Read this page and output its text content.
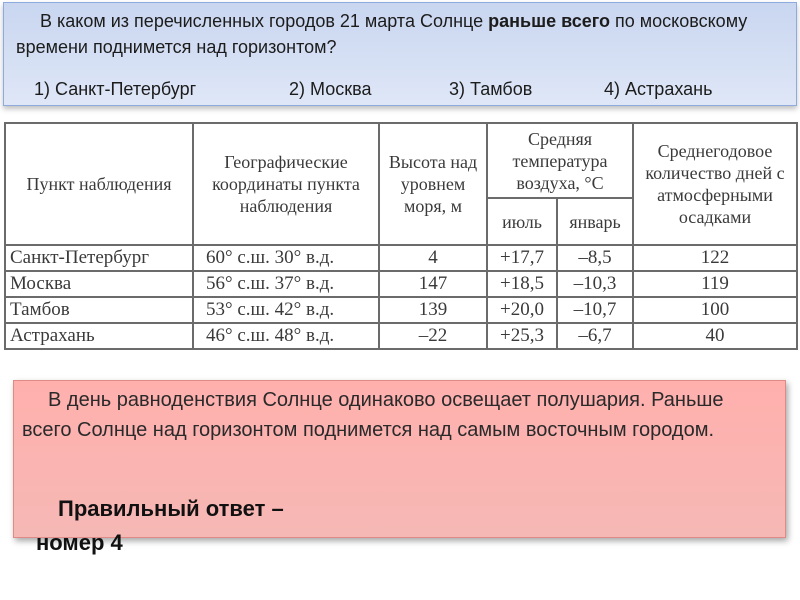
В каком из перечисленных городов 21 марта Солнце раньше всего по московскому времени поднимется над горизонтом?
1) Санкт-Петербург	2) Москва	3) Тамбов	4) Астрахань
Пункт наблюдения	Географические координаты пункта наблюдения	Высота над уровнем моря, м	Средняя температура воздуха, °С		Среднегодовое количество дней с атмосферными осадками
			июль	январь	
Санкт-Петербург	60° с.ш. 30° в.д.	4	+17,7	–8,5	122
Москва	56° с.ш. 37° в.д.	147	+18,5	–10,3	119
Тамбов	53° с.ш. 42° в.д.	139	+20,0	–10,7	100
Астрахань	46° с.ш. 48° в.д.	–22	+25,3	–6,7	40
В день равноденствия Солнце одинаково освещает полушария. Раньше всего Солнце над горизонтом поднимется над самым восточным городом.
Правильный ответ –
номер 4
